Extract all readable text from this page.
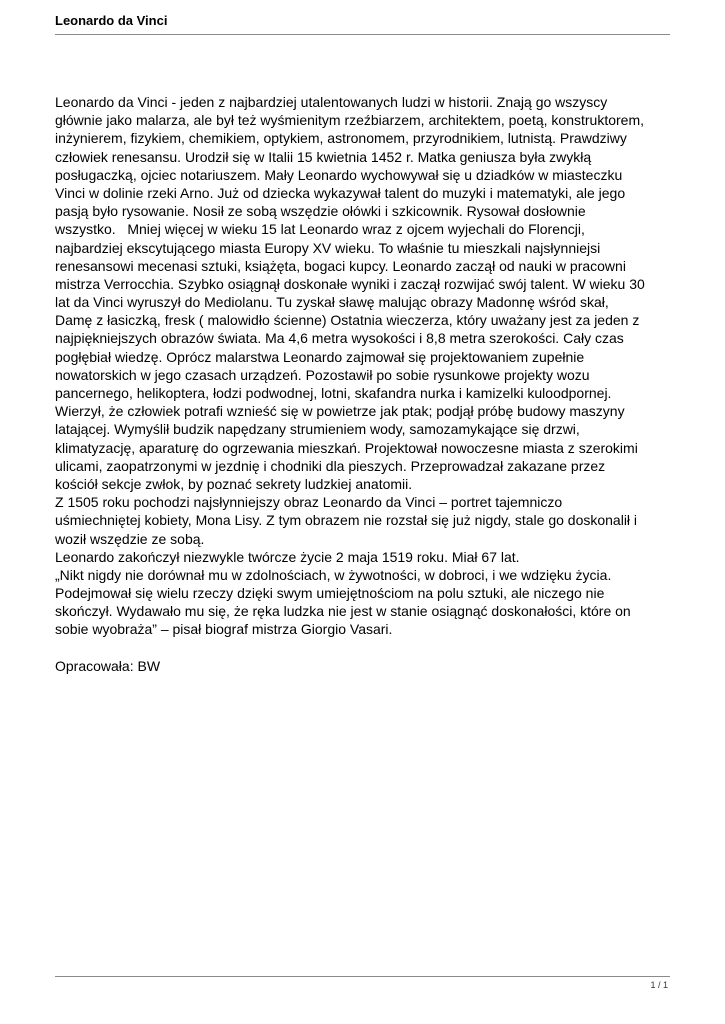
Leonardo da Vinci
Leonardo da Vinci - jeden z najbardziej utalentowanych ludzi w historii. Znają go wszyscy
głównie jako malarza, ale był też wyśmienitym rzeźbiarzem, architektem, poetą, konstruktorem,
inżynierem, fizykiem, chemikiem, optykiem, astronomem, przyrodnikiem, lutnistą. Prawdziwy
człowiek renesansu. Urodził się w Italii 15 kwietnia 1452 r. Matka geniusza była zwykłą
posługaczką, ojciec notariuszem. Mały Leonardo wychowywał się u dziadków w miasteczku
Vinci w dolinie rzeki Arno. Już od dziecka wykazywał talent do muzyki i matematyki, ale jego
pasją było rysowanie. Nosił ze sobą wszędzie ołówki i szkicownik. Rysował dosłownie
wszystko.   Mniej więcej w wieku 15 lat Leonardo wraz z ojcem wyjechali do Florencji,
najbardziej ekscytującego miasta Europy XV wieku. To właśnie tu mieszkali najsłynniejsi
renesansowi mecenasi sztuki, książęta, bogaci kupcy. Leonardo zaczął od nauki w pracowni
mistrza Verrocchia. Szybko osiągnął doskonałe wyniki i zaczął rozwijać swój talent. W wieku 30
lat da Vinci wyruszył do Mediolanu. Tu zyskał sławę malując obrazy Madonnę wśród skał,
Damę z łasiczką, fresk ( malowidło ścienne) Ostatnia wieczerza, który uważany jest za jeden z
najpiękniejszych obrazów świata. Ma 4,6 metra wysokości i 8,8 metra szerokości. Cały czas
pogłębiał wiedzę. Oprócz malarstwa Leonardo zajmował się projektowaniem zupełnie
nowatorskich w jego czasach urządzeń. Pozostawił po sobie rysunkowe projekty wozu
pancernego, helikoptera, łodzi podwodnej, lotni, skafandra nurka i kamizelki kuloodpornej.
Wierzył, że człowiek potrafi wznieść się w powietrze jak ptak; podjął próbę budowy maszyny
latającej. Wymyślił budzik napędzany strumieniem wody, samozamykające się drzwi,
klimatyzację, aparaturę do ogrzewania mieszkań. Projektował nowoczesne miasta z szerokimi
ulicami, zaopatrzonymi w jezdnię i chodniki dla pieszych. Przeprowadzał zakazane przez
kościół sekcje zwłok, by poznać sekrety ludzkiej anatomii.
Z 1505 roku pochodzi najsłynniejszy obraz Leonardo da Vinci – portret tajemniczo
uśmiechniętej kobiety, Mona Lisy. Z tym obrazem nie rozstał się już nigdy, stale go doskonalił i
woził wszędzie ze sobą.
Leonardo zakończył niezwykle twórcze życie 2 maja 1519 roku. Miał 67 lat.
„Nikt nigdy nie dorównał mu w zdolnościach, w żywotności, w dobroci, i we wdzięku życia.
Podejmował się wielu rzeczy dzięki swym umiejętnościom na polu sztuki, ale niczego nie
skończył. Wydawało mu się, że ręka ludzka nie jest w stanie osiągnąć doskonałości, które on
sobie wyobraża” – pisał biograf mistrza Giorgio Vasari.
Opracowała: BW
1 / 1
